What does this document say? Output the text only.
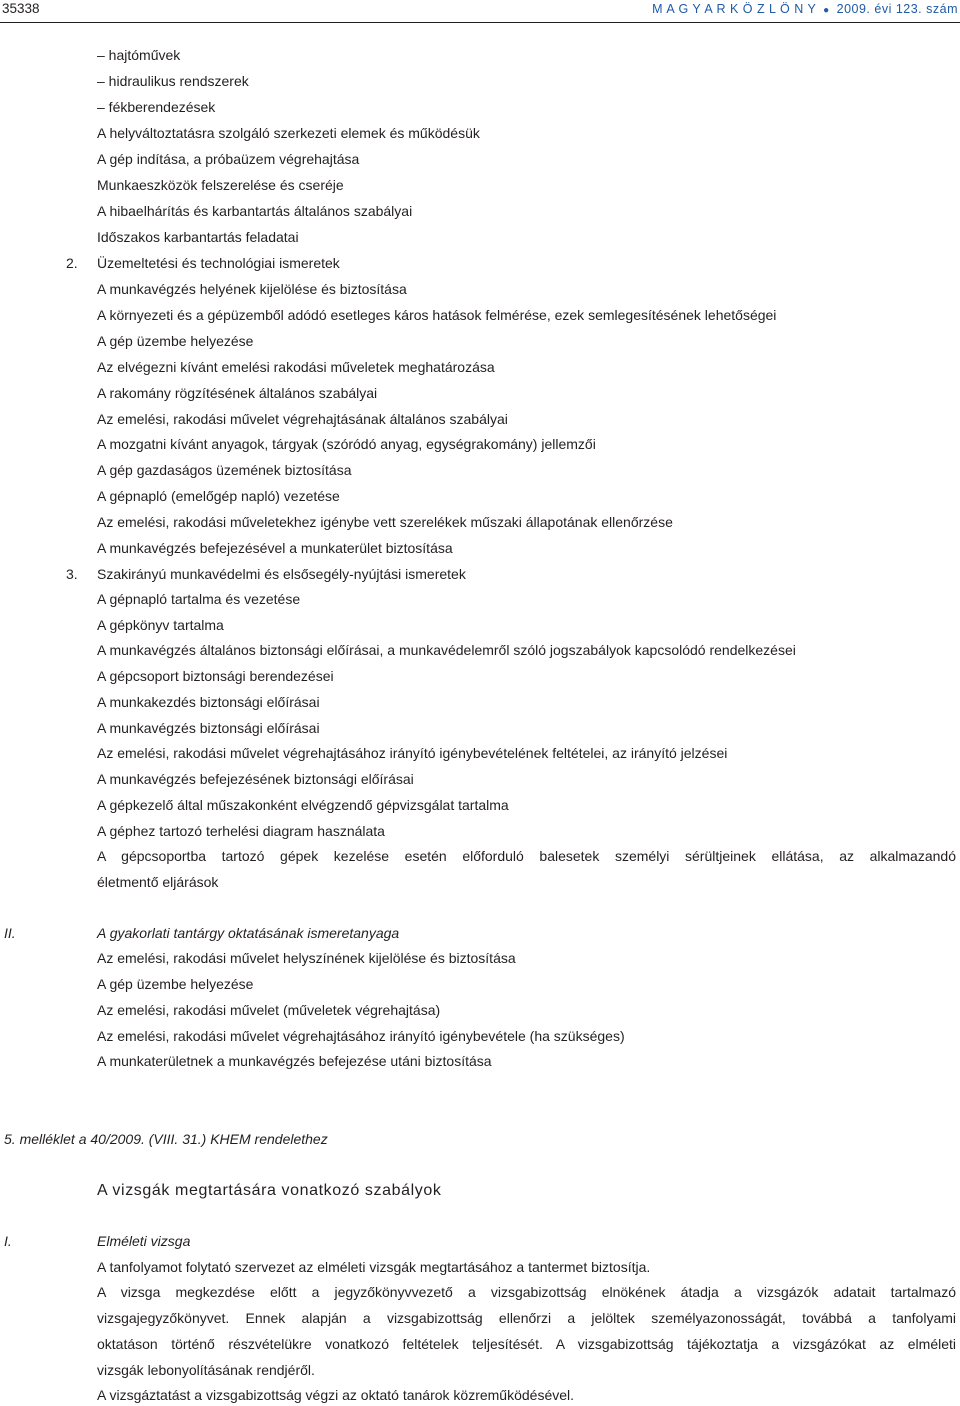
35338	M A G Y A R K Ö Z L Ö N Y ● 2009. évi 123. szám
– hajtóművek
– hidraulikus rendszerek
– fékberendezések
A helyváltoztatásra szolgáló szerkezeti elemek és működésük
A gép indítása, a próbaüzem végrehajtása
Munkaeszközök felszerelése és cseréje
A hibaelhárítás és karbantartás általános szabályai
Időszakos karbantartás feladatai
2. Üzemeltetési és technológiai ismeretek
A munkavégzés helyének kijelölése és biztosítása
A környezeti és a gépüzemből adódó esetleges káros hatások felmérése, ezek semlegesítésének lehetőségei
A gép üzembe helyezése
Az elvégezni kívánt emelési rakodási műveletek meghatározása
A rakomány rögzítésének általános szabályai
Az emelési, rakodási művelet végrehajtásának általános szabályai
A mozgatni kívánt anyagok, tárgyak (szóródó anyag, egységrakomány) jellemzői
A gép gazdaságos üzemének biztosítása
A gépnapló (emelőgép napló) vezetése
Az emelési, rakodási műveletekhez igénybe vett szerelékek műszaki állapotának ellenőrzése
A munkavégzés befejezésével a munkaterület biztosítása
3. Szakirányú munkavédelmi és elsősegély-nyújtási ismeretek
A gépnapló tartalma és vezetése
A gépkönyv tartalma
A munkavégzés általános biztonsági előírásai, a munkavédelemről szóló jogszabályok kapcsolódó rendelkezései
A gépcsoport biztonsági berendezései
A munkakezdés biztonsági előírásai
A munkavégzés biztonsági előírásai
Az emelési, rakodási művelet végrehajtásához irányító igénybevételének feltételei, az irányító jelzései
A munkavégzés befejezésének biztonsági előírásai
A gépkezelő által műszakonként elvégzendő gépvizsgálat tartalma
A géphez tartozó terhelési diagram használata
A gépcsoportba tartozó gépek kezelése esetén előforduló balesetek személyi sérültjeinek ellátása, az alkalmazandó
életmentő eljárások
II.	A gyakorlati tantárgy oktatásának ismeretanyaga
Az emelési, rakodási művelet helyszínének kijelölése és biztosítása
A gép üzembe helyezése
Az emelési, rakodási művelet (műveletek végrehajtása)
Az emelési, rakodási művelet végrehajtásához irányító igénybevétele (ha szükséges)
A munkaterületnek a munkavégzés befejezése utáni biztosítása
5. melléklet a 40/2009. (VIII. 31.) KHEM rendelethez
A vizsgák megtartására vonatkozó szabályok
I.	Elméleti vizsga
A tanfolyamot folytató szervezet az elméleti vizsgák megtartásához a tantermet biztosítja.
A vizsga megkezdése előtt a jegyzőkönyvvezető a vizsgabizottság elnökének átadja a vizsgázók adatait tartalmazó
vizsgajegyzőkönyvet. Ennek alapján a vizsgabizottság ellenőrzi a jelöltek személyazonosságát, továbbá a tanfolyami
oktatáson történő részvételükre vonatkozó feltételek teljesítését. A vizsgabizottság tájékoztatja a vizsgázókat az elméleti
vizsgák lebonyolításának rendjéről.
A vizsgáztatást a vizsgabizottság végzi az oktató tanárok közreműködésével.
